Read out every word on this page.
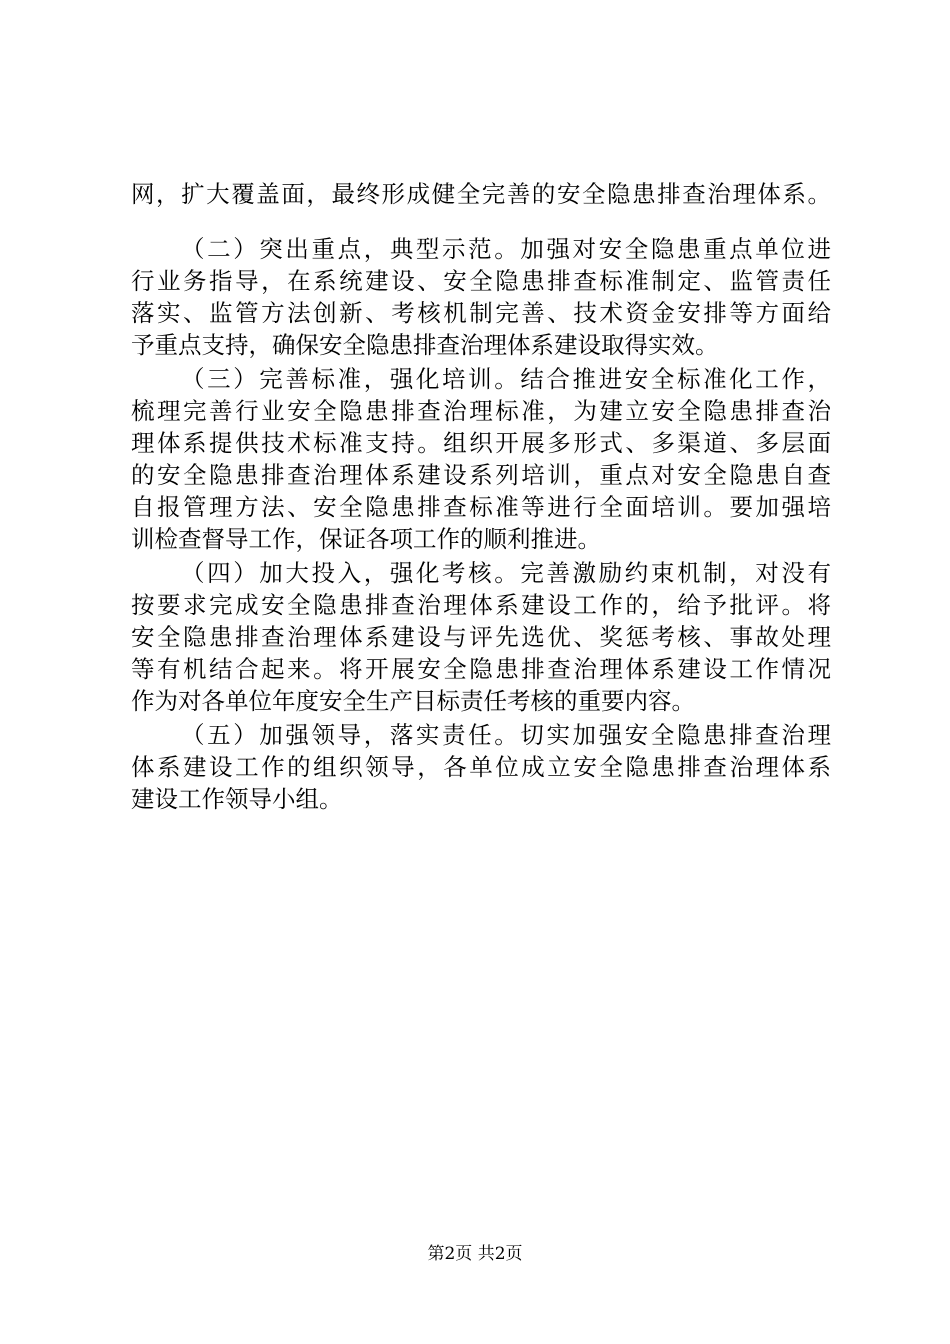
网，扩大覆盖面，最终形成健全完善的安全隐患排查治理体系。
（二）突出重点，典型示范。加强对安全隐患重点单位进
行业务指导，在系统建设、安全隐患排查标准制定、监管责任
落实、监管方法创新、考核机制完善、技术资金安排等方面给
予重点支持，确保安全隐患排查治理体系建设取得实效。
（三）完善标准，强化培训。结合推进安全标准化工作，
梳理完善行业安全隐患排查治理标准，为建立安全隐患排查治
理体系提供技术标准支持。组织开展多形式、多渠道、多层面
的安全隐患排查治理体系建设系列培训，重点对安全隐患自查
自报管理方法、安全隐患排查标准等进行全面培训。要加强培
训检查督导工作，保证各项工作的顺利推进。
（四）加大投入，强化考核。完善激励约束机制，对没有
按要求完成安全隐患排查治理体系建设工作的，给予批评。将
安全隐患排查治理体系建设与评先选优、奖惩考核、事故处理
等有机结合起来。将开展安全隐患排查治理体系建设工作情况
作为对各单位年度安全生产目标责任考核的重要内容。
（五）加强领导，落实责任。切实加强安全隐患排查治理
体系建设工作的组织领导，各单位成立安全隐患排查治理体系
建设工作领导小组。
第2页 共2页
